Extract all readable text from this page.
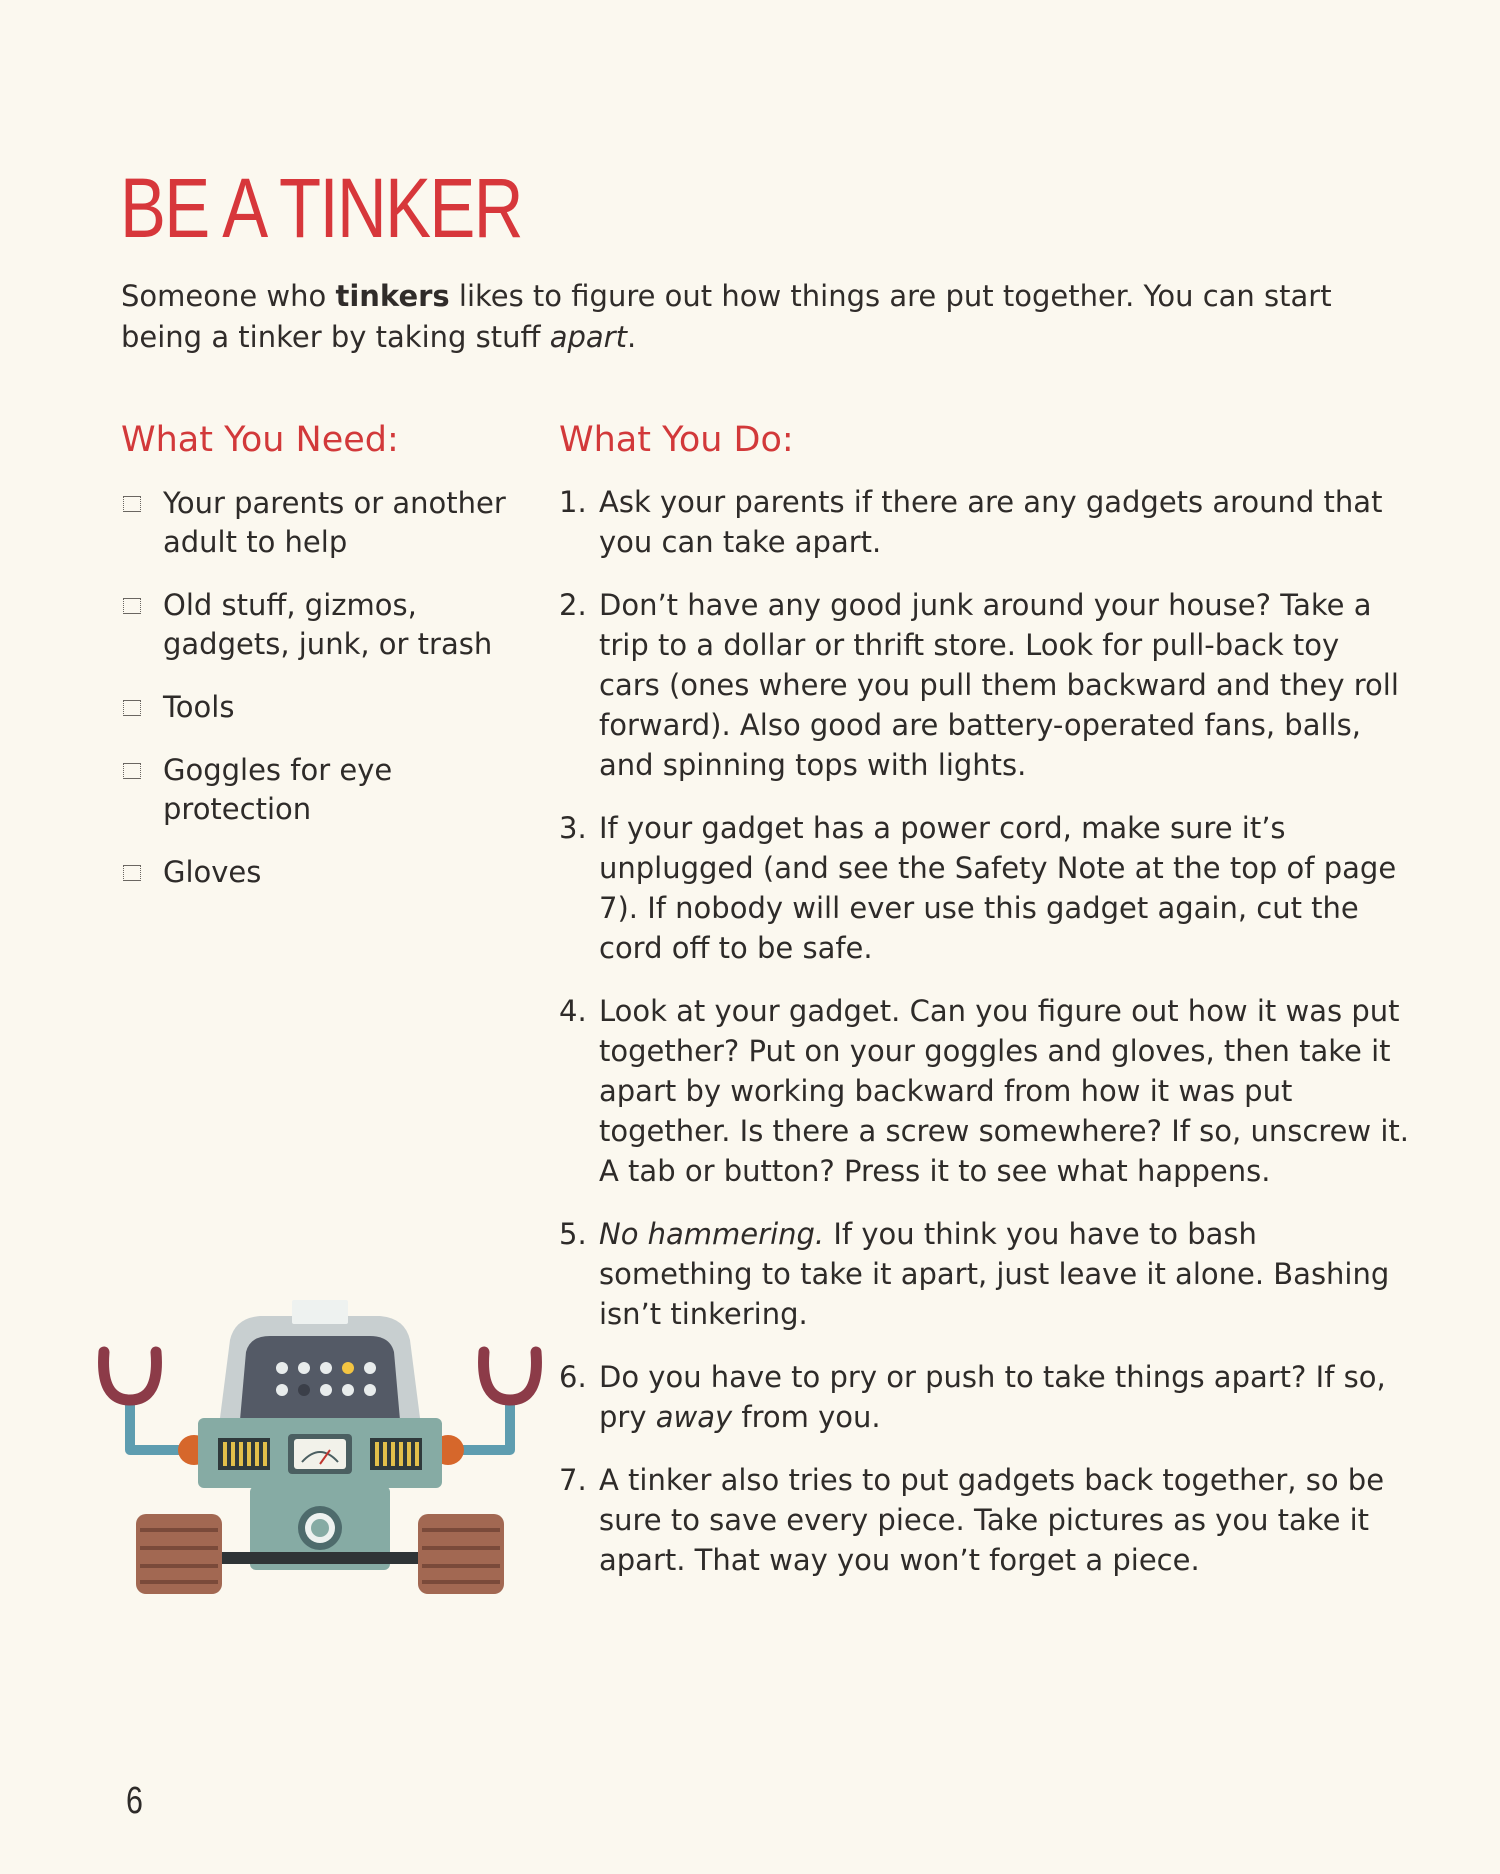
BE A TINKER

Someone who tinkers likes to figure out how things are put together. You can start being a tinker by taking stuff apart.

What You Need:
Your parents or another adult to help
Old stuff, gizmos, gadgets, junk, or trash
Tools
Goggles for eye protection
Gloves
What You Do:
1. Ask your parents if there are any gadgets around that you can take apart.
2. Don’t have any good junk around your house? Take a trip to a dollar or thrift store. Look for pull-back toy cars (ones where you pull them backward and they roll forward). Also good are battery-operated fans, balls, and spinning tops with lights.
3. If your gadget has a power cord, make sure it’s unplugged (and see the Safety Note at the top of page 7). If nobody will ever use this gadget again, cut the cord off to be safe.
4. Look at your gadget. Can you figure out how it was put together? Put on your goggles and gloves, then take it apart by working backward from how it was put together. Is there a screw somewhere? If so, unscrew it. A tab or button? Press it to see what happens.
5. No hammering. If you think you have to bash something to take it apart, just leave it alone. Bashing isn’t tinkering.
6. Do you have to pry or push to take things apart? If so, pry away from you.
7. A tinker also tries to put gadgets back together, so be sure to save every piece. Take pictures as you take it apart. That way you won’t forget a piece.

6
